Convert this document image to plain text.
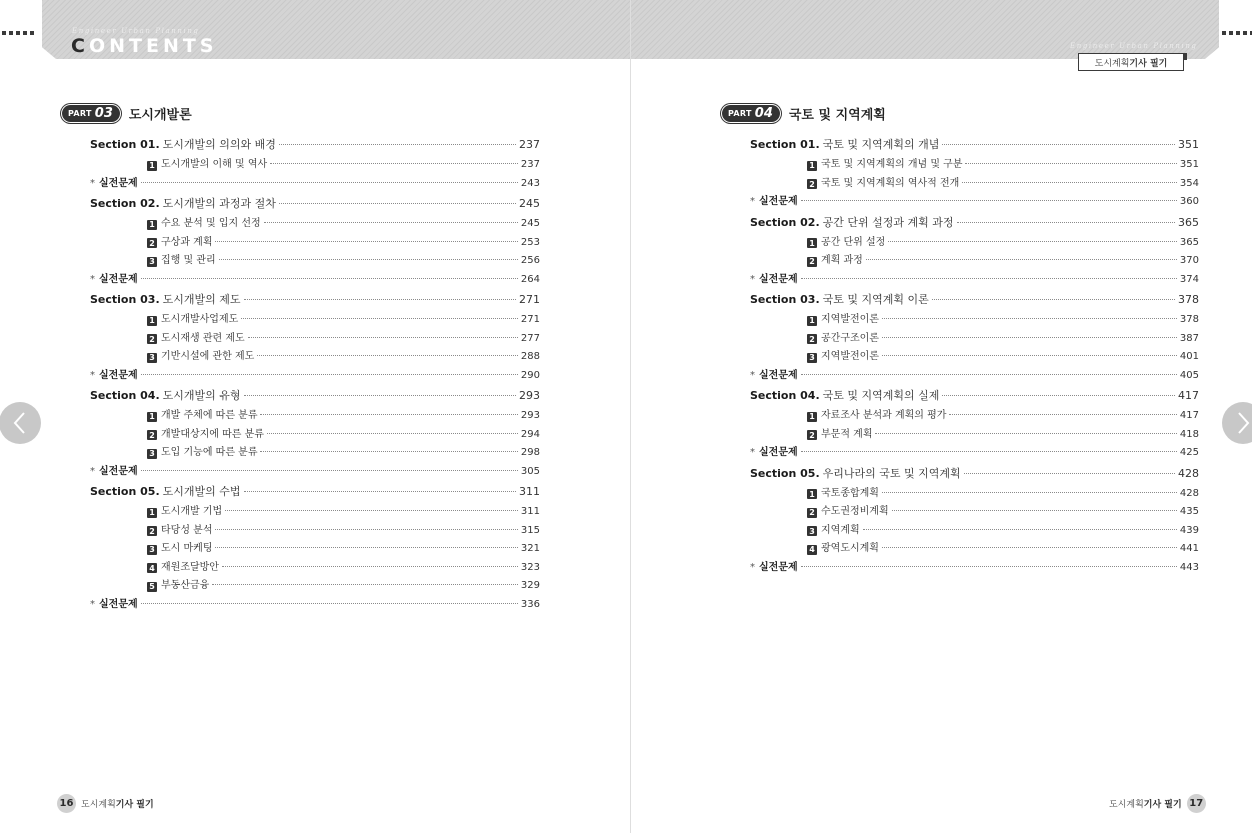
Engineer Urban Planning
CONTENTS	Engineer Urban Planning
도시계획 기사 필기
PART 03 도시개발론	PART 04 국토 및 지역계획
Section 01. 도시개발의 의의와 배경	237
1 도시개발의 이해 및 역사	237
* 실전문제	243
Section 02. 도시개발의 과정과 절차	245
1 수요 분석 및 입지 선정	245
2 구상과 계획	253
3 집행 및 관리	256
* 실전문제	264
Section 03. 도시개발의 제도	271
1 도시개발사업제도	271
2 도시재생 관련 제도	277
3 기반시설에 관한 제도	288
* 실전문제	290
Section 04. 도시개발의 유형	293
1 개발 주체에 따른 분류	293
2 개발대상지에 따른 분류	294
3 도입 기능에 따른 분류	298
* 실전문제	305
Section 05. 도시개발의 수법	311
1 도시개발 기법	311
2 타당성 분석	315
3 도시 마케팅	321
4 재원조달방안	323
5 부동산금융	329
* 실전문제	336
Section 01. 국토 및 지역계획의 개념	351
1 국토 및 지역계획의 개념 및 구분	351
2 국토 및 지역계획의 역사적 전개	354
* 실전문제	360
Section 02. 공간 단위 설정과 계획 과정	365
1 공간 단위 설정	365
2 계획 과정	370
* 실전문제	374
Section 03. 국토 및 지역계획 이론	378
1 지역발전이론	378
2 공간구조이론	387
3 지역발전이론	401
* 실전문제	405
Section 04. 국토 및 지역계획의 실제	417
1 자료조사 분석과 계획의 평가	417
2 부문적 계획	418
* 실전문제	425
Section 05. 우리나라의 국토 및 지역계획	428
1 국토종합계획	428
2 수도권정비계획	435
3 지역계획	439
4 광역도시계획	441
* 실전문제	443
16 도시계획기사 필기	도시계획기사 필기 17
